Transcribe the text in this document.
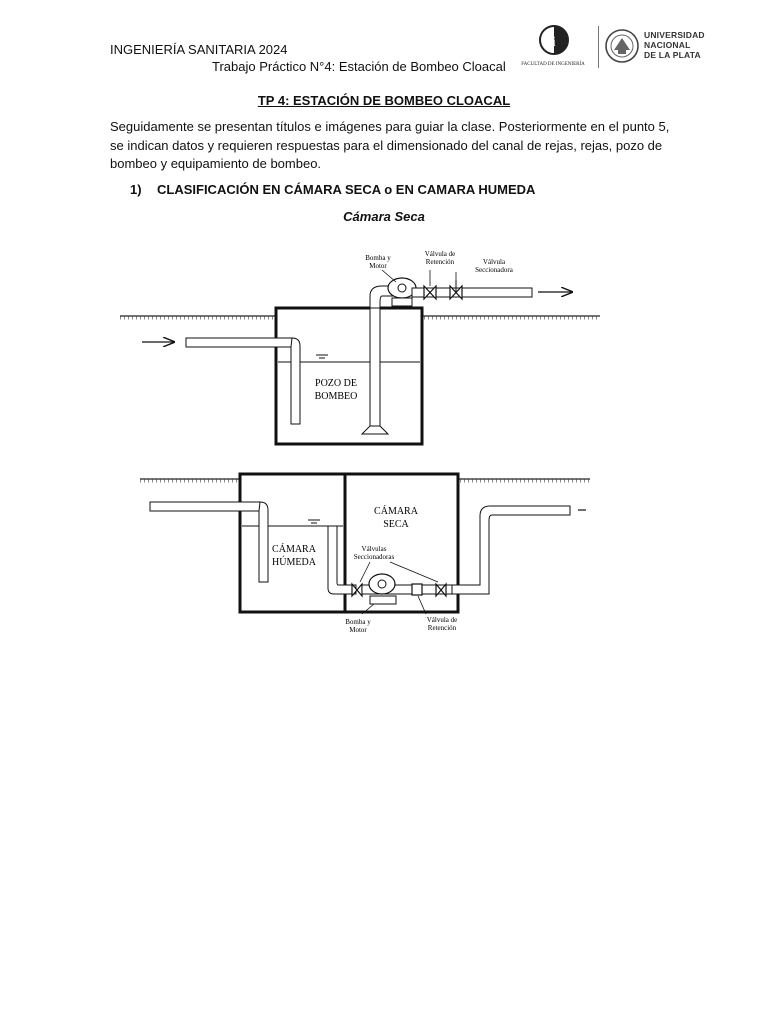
INGENIERÍA SANITARIA 2024
Trabajo Práctico N°4: Estación de Bombeo Cloacal
fi
FACULTAD DE INGENIERÍA
UNIVERSIDAD
NACIONAL
DE LA PLATA
TP 4: ESTACIÓN DE BOMBEO CLOACAL
Seguidamente se presentan títulos e imágenes para guiar la clase. Posteriormente en el punto 5, se indican datos y requieren respuestas para el dimensionado del canal de rejas, rejas, pozo de bombeo y equipamiento de bombeo.
1) CLASIFICACIÓN EN CÁMARA SECA o EN CAMARA HUMEDA
Cámara Seca
Bomba y
Motor
Válvula de
Retención	Válvula
Seccionadora
POZO DE
BOMBEO
CÁMARA
HÚMEDA
CÁMARA
SECA
Válvulas
Seccionadoras
Bomba y
Motor
Válvula de
Retención
